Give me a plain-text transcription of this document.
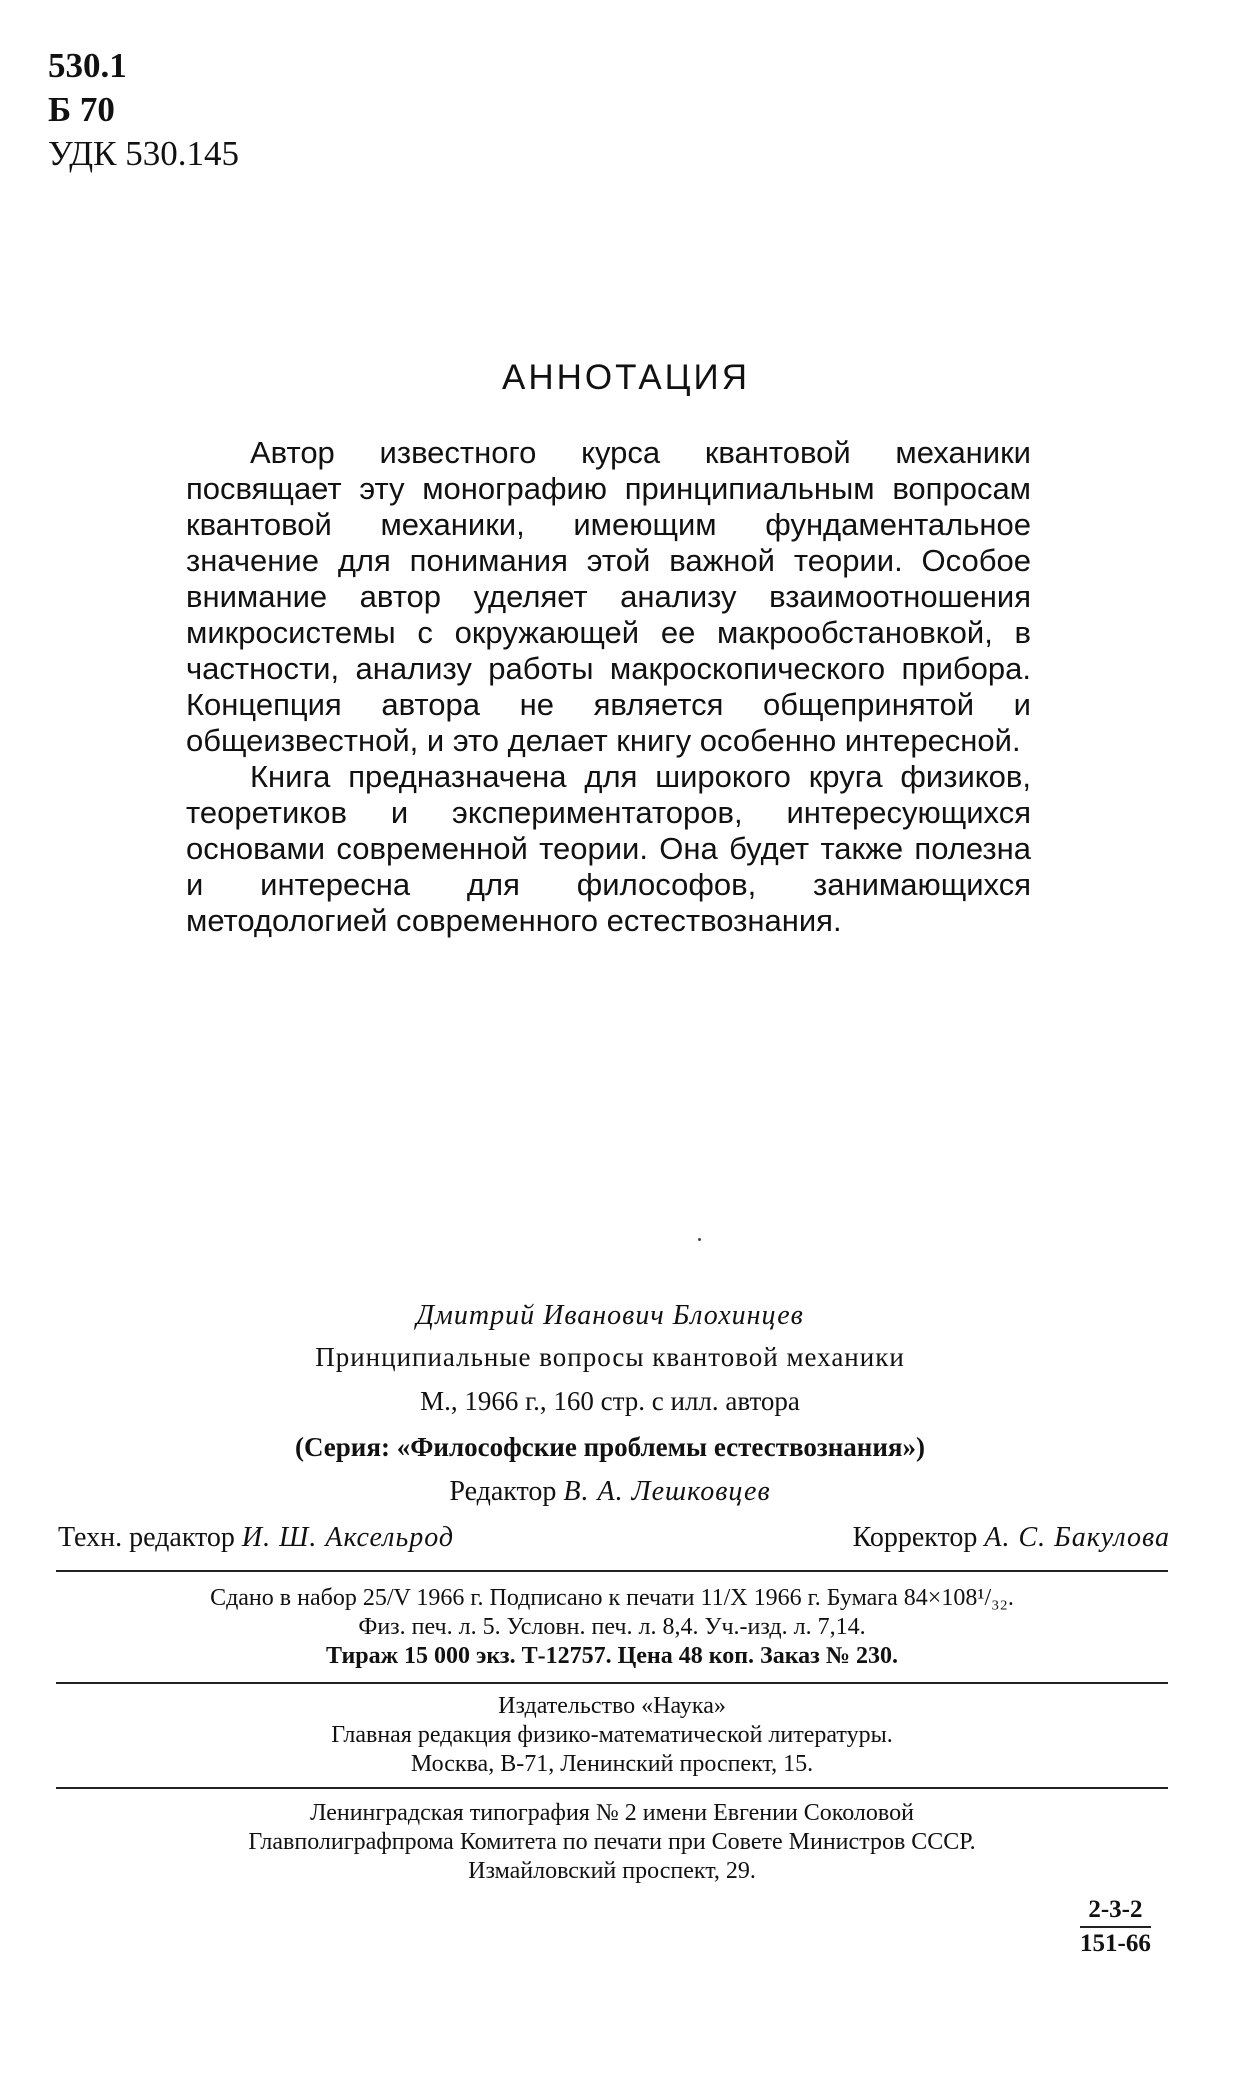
530.1
Б 70
УДК 530.145
АННОТАЦИЯ

Автор известного курса квантовой механики посвящает эту монографию принципиальным вопросам квантовой механики, имеющим фундаментальное значение для понимания этой важной теории. Особое внимание автор уделяет анализу взаимоотношения микросистемы с окружающей ее макрообстановкой, в частности, анализу работы макроскопического прибора. Концепция автора не является общепринятой и общеизвестной, и это делает книгу особенно интересной.

Книга предназначена для широкого круга физиков, теоретиков и экспериментаторов, интересующихся основами современной теории. Она будет также полезна и интересна для философов, занимающихся методологией современного естествознания.

Дмитрий Иванович Блохинцев
Принципиальные вопросы квантовой механики
М., 1966 г., 160 стр. с илл. автора
(Серия: «Философские проблемы естествознания»)
Редактор В. А. Лешковцев
Техн. редактор И. Ш. Аксельрод	Корректор А. С. Бакулова
Сдано в набор 25/V 1966 г. Подписано к печати 11/X 1966 г. Бумага 84×108¹/₃₂.
Физ. печ. л. 5. Условн. печ. л. 8,4. Уч.-изд. л. 7,14.
Тираж 15 000 экз. Т-12757. Цена 48 коп. Заказ № 230.
Издательство «Наука»
Главная редакция физико-математической литературы.
Москва, В-71, Ленинский проспект, 15.
Ленинградская типография № 2 имени Евгении Соколовой
Главполиграфпрома Комитета по печати при Совете Министров СССР.
Измайловский проспект, 29.
2-3-2
151-66
